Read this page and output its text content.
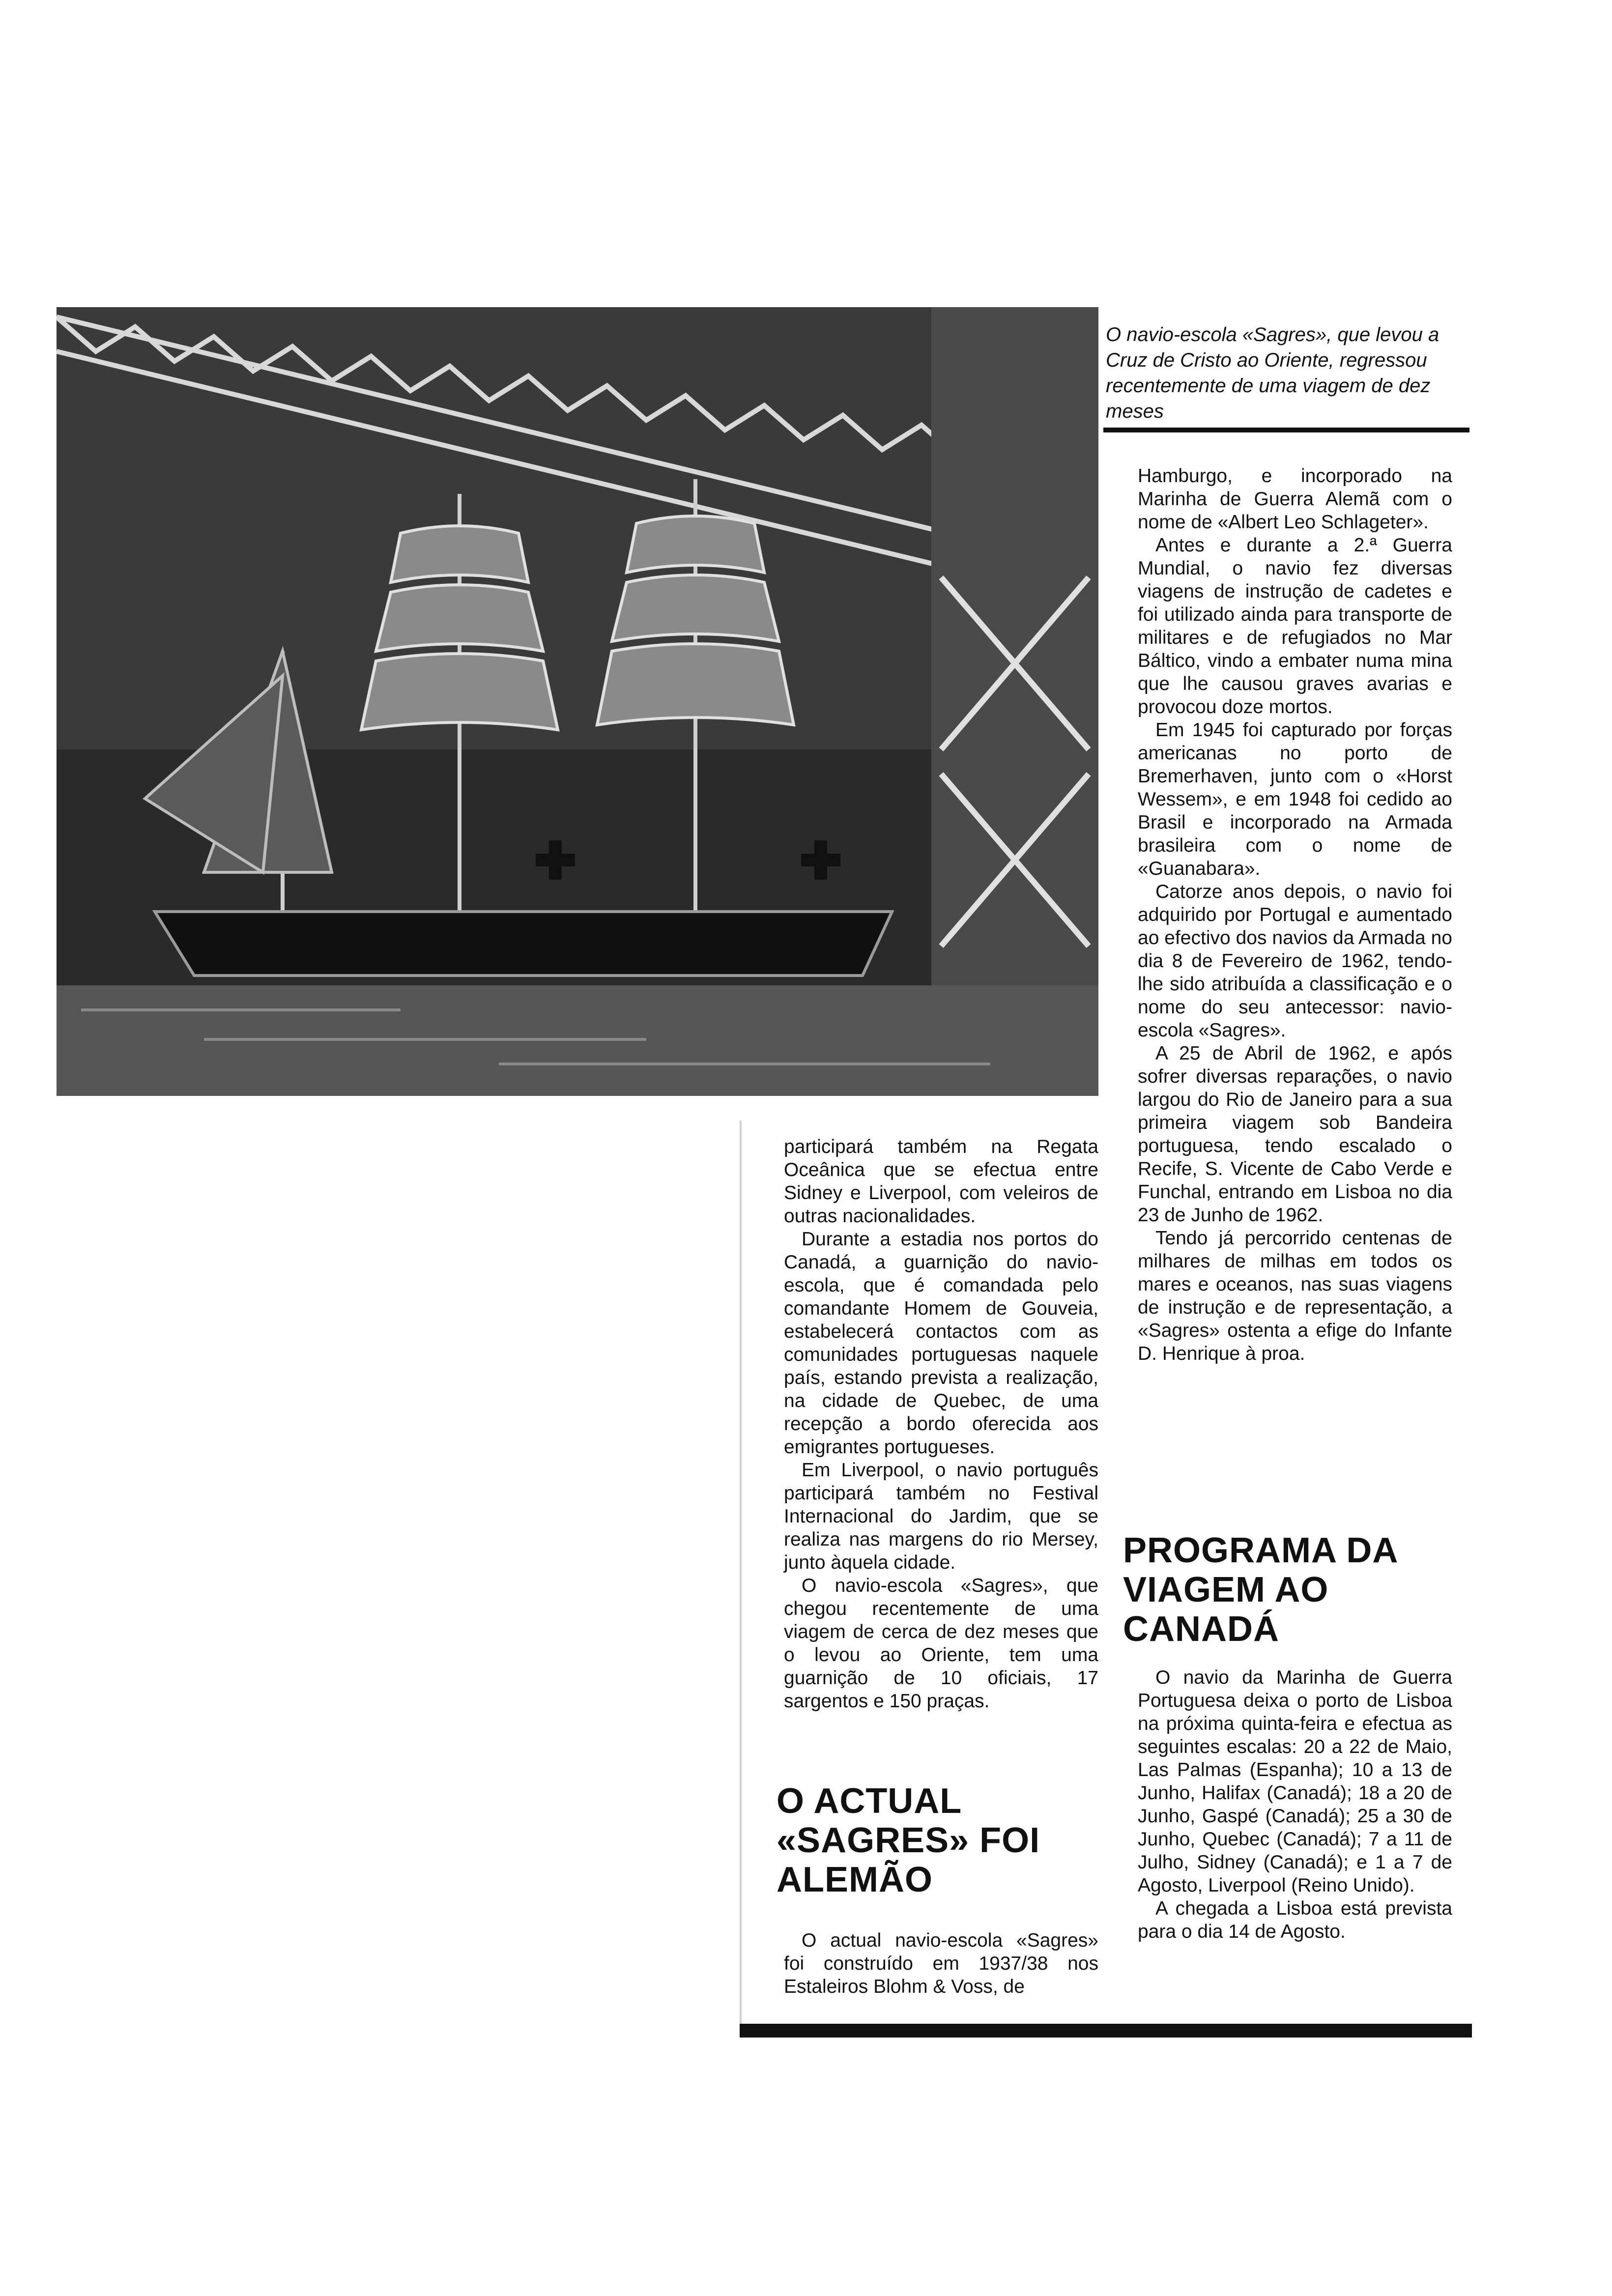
O navio-escola «Sagres», que levou a Cruz de Cristo ao Oriente, regressou recentemente de uma viagem de dez meses

participará também na Regata Oceânica que se efectua entre Sidney e Liverpool, com veleiros de outras nacionalidades.

Durante a estadia nos portos do Canadá, a guarnição do navio-escola, que é comandada pelo comandante Homem de Gouveia, estabelecerá contactos com as comunidades portuguesas naquele país, estando prevista a realização, na cidade de Quebec, de uma recepção a bordo oferecida aos emigrantes portugueses.

Em Liverpool, o navio português participará também no Festival Internacional do Jardim, que se realiza nas margens do rio Mersey, junto àquela cidade.

O navio-escola «Sagres», que chegou recentemente de uma viagem de cerca de dez meses que o levou ao Oriente, tem uma guarnição de 10 oficiais, 17 sargentos e 150 praças.

O ACTUAL «SAGRES» FOI ALEMÃO

O actual navio-escola «Sagres» foi construído em 1937/38 nos Estaleiros Blohm & Voss, de

Hamburgo, e incorporado na Marinha de Guerra Alemã com o nome de «Albert Leo Schlageter».

Antes e durante a 2.ª Guerra Mundial, o navio fez diversas viagens de instrução de cadetes e foi utilizado ainda para transporte de militares e de refugiados no Mar Báltico, vindo a embater numa mina que lhe causou graves avarias e provocou doze mortos.

Em 1945 foi capturado por forças americanas no porto de Bremerhaven, junto com o «Horst Wessem», e em 1948 foi cedido ao Brasil e incorporado na Armada brasileira com o nome de «Guanabara».

Catorze anos depois, o navio foi adquirido por Portugal e aumentado ao efectivo dos navios da Armada no dia 8 de Fevereiro de 1962, tendo-lhe sido atribuída a classificação e o nome do seu antecessor: navio-escola «Sagres».

A 25 de Abril de 1962, e após sofrer diversas reparações, o navio largou do Rio de Janeiro para a sua primeira viagem sob Bandeira portuguesa, tendo escalado o Recife, S. Vicente de Cabo Verde e Funchal, entrando em Lisboa no dia 23 de Junho de 1962.

Tendo já percorrido centenas de milhares de milhas em todos os mares e oceanos, nas suas viagens de instrução e de representação, a «Sagres» ostenta a efige do Infante D. Henrique à proa.

PROGRAMA DA VIAGEM AO CANADÁ

O navio da Marinha de Guerra Portuguesa deixa o porto de Lisboa na próxima quinta-feira e efectua as seguintes escalas: 20 a 22 de Maio, Las Palmas (Espanha); 10 a 13 de Junho, Halifax (Canadá); 18 a 20 de Junho, Gaspé (Canadá); 25 a 30 de Junho, Quebec (Canadá); 7 a 11 de Julho, Sidney (Canadá); e 1 a 7 de Agosto, Liverpool (Reino Unido).

A chegada a Lisboa está prevista para o dia 14 de Agosto.
